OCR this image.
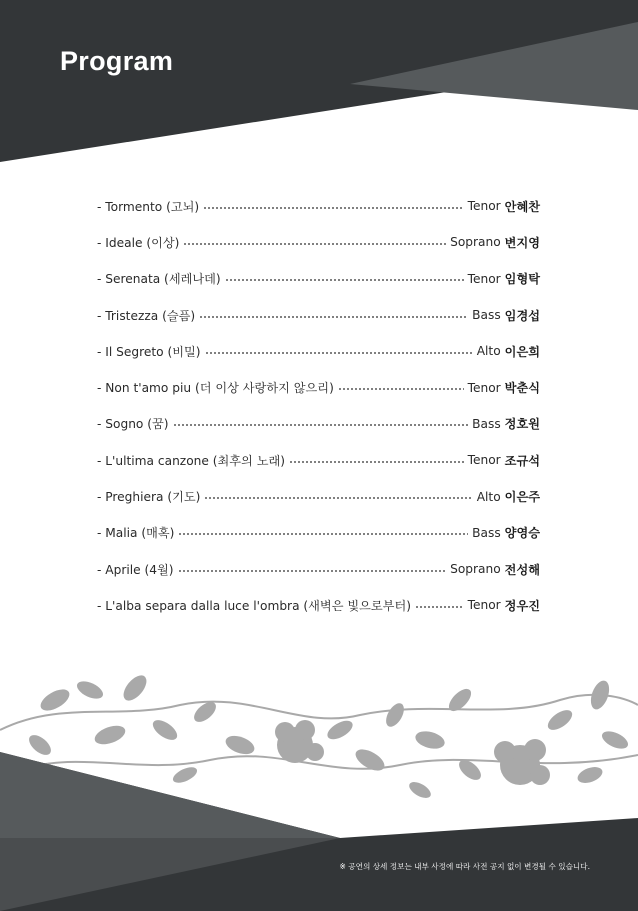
Program
- Tormento (고뇌)	Tenor 안혜찬
- Ideale (이상)	Soprano 변지영
- Serenata (세레나데)	Tenor 임형탁
- Tristezza (슬픔)	Bass 임경섭
- Il Segreto (비밀)	Alto 이은희
- Non t'amo piu (더 이상 사랑하지 않으리)	Tenor 박춘식
- Sogno (꿈)	Bass 정호원
- L'ultima canzone (최후의 노래)	Tenor 조규석
- Preghiera (기도)	Alto 이은주
- Malia (매혹)	Bass 양영승
- Aprile (4월)	Soprano 전성해
- L'alba separa dalla luce l'ombra (새벽은 빛으로부터)	Tenor 정우진
※ 공연의 상세 정보는 내부 사정에 따라 사전 공지 없이 변경될 수 있습니다.
